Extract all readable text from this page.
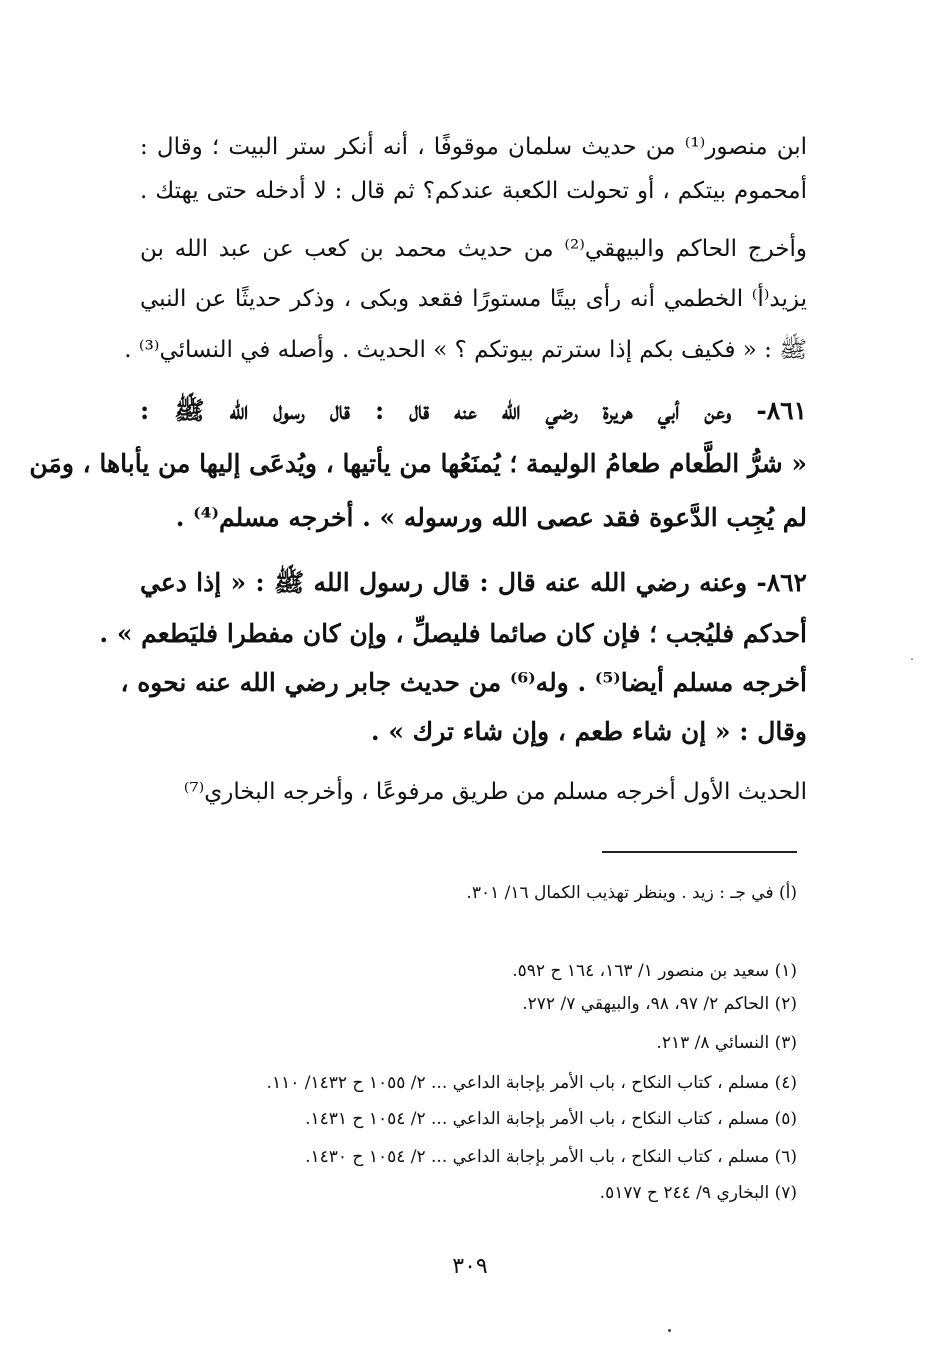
ابن منصور⁽¹⁾ من حديث سلمان موقوفًا ، أنه أنكر ستر البيت ؛ وقال :

أمحموم بيتكم ، أو تحولت الكعبة عندكم؟ ثم قال : لا أدخله حتى يهتك .

وأخرج الحاكم والبيهقي⁽²⁾ من حديث محمد بن كعب عن عبد الله بن

يزيد⁽أ⁾ الخطمي أنه رأى بيتًا مستورًا فقعد وبكى ، وذكر حديثًا عن النبي

ﷺ : « فكيف بكم إذا سترتم بيوتكم ؟ » الحديث . وأصله في النسائي⁽³⁾ .

٨٦١- وعن أبي هريرة رضي الله عنه قال : قال رسول الله ﷺ :

« شرُّ الطَّعام طعامُ الوليمة ؛ يُمنَعُها من يأتيها ، ويُدعَى إليها من يأباها ، ومَن

لم يُجِب الدَّعوة فقد عصى الله ورسوله » . أخرجه مسلم⁽⁴⁾ .

٨٦٢- وعنه رضي الله عنه قال : قال رسول الله ﷺ : « إذا دعي

أحدكم فليُجب ؛ فإن كان صائما فليصلِّ ، وإن كان مفطرا فليَطعم » .

أخرجه مسلم أيضا⁽⁵⁾ . وله⁽⁶⁾ من حديث جابر رضي الله عنه نحوه ،

وقال : « إن شاء طعم ، وإن شاء ترك » .

الحديث الأول أخرجه مسلم من طريق مرفوعًا ، وأخرجه البخاري⁽⁷⁾

(أ) في جـ : زيد . وينظر تهذيب الكمال ١٦/ ٣٠١.

(١) سعيد بن منصور ١/ ١٦٣، ١٦٤ ح ٥٩٢.

(٢) الحاكم ٢/ ٩٧، ٩٨، والبيهقي ٧/ ٢٧٢.

(٣) النسائي ٨/ ٢١٣.

(٤) مسلم ، كتاب النكاح ، باب الأمر بإجابة الداعي ... ٢/ ١٠٥٥ ح ١٤٣٢/ ١١٠.

(٥) مسلم ، كتاب النكاح ، باب الأمر بإجابة الداعي ... ٢/ ١٠٥٤ ح ١٤٣١.

(٦) مسلم ، كتاب النكاح ، باب الأمر بإجابة الداعي ... ٢/ ١٠٥٤ ح ١٤٣٠.

(٧) البخاري ٩/ ٢٤٤ ح ٥١٧٧.

٣٠٩
